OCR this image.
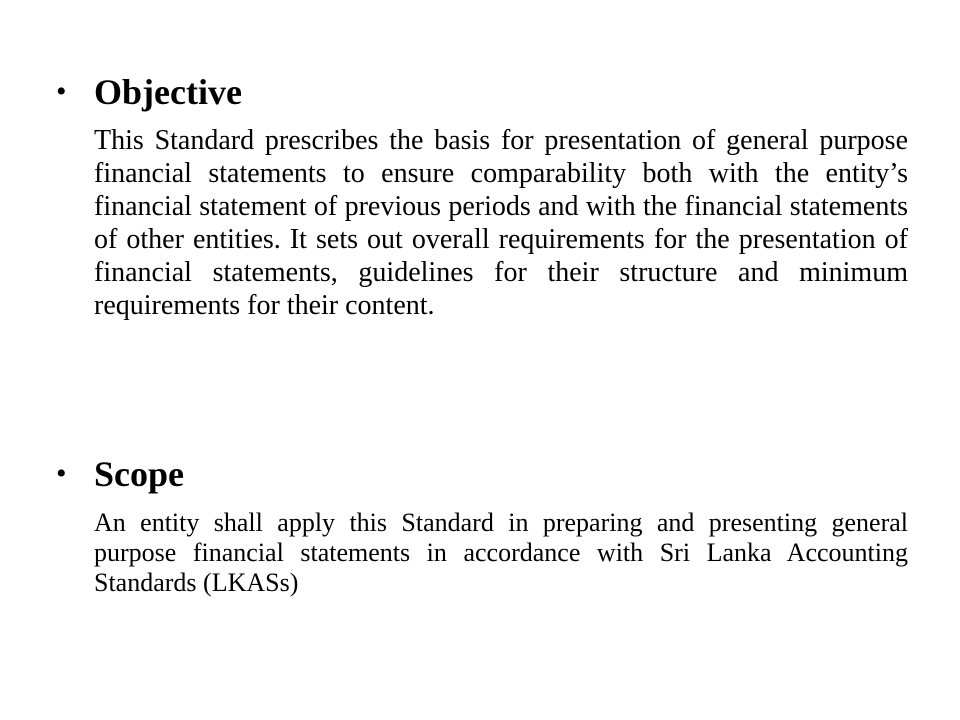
• Objective

This Standard prescribes the basis for presentation of general purpose financial statements to ensure comparability both with the entity’s financial statement of previous periods and with the financial statements of other entities. It sets out overall requirements for the presentation of financial statements, guidelines for their structure and minimum requirements for their content.

• Scope

An entity shall apply this Standard in preparing and presenting general purpose financial statements in accordance with Sri Lanka Accounting Standards (LKASs)
